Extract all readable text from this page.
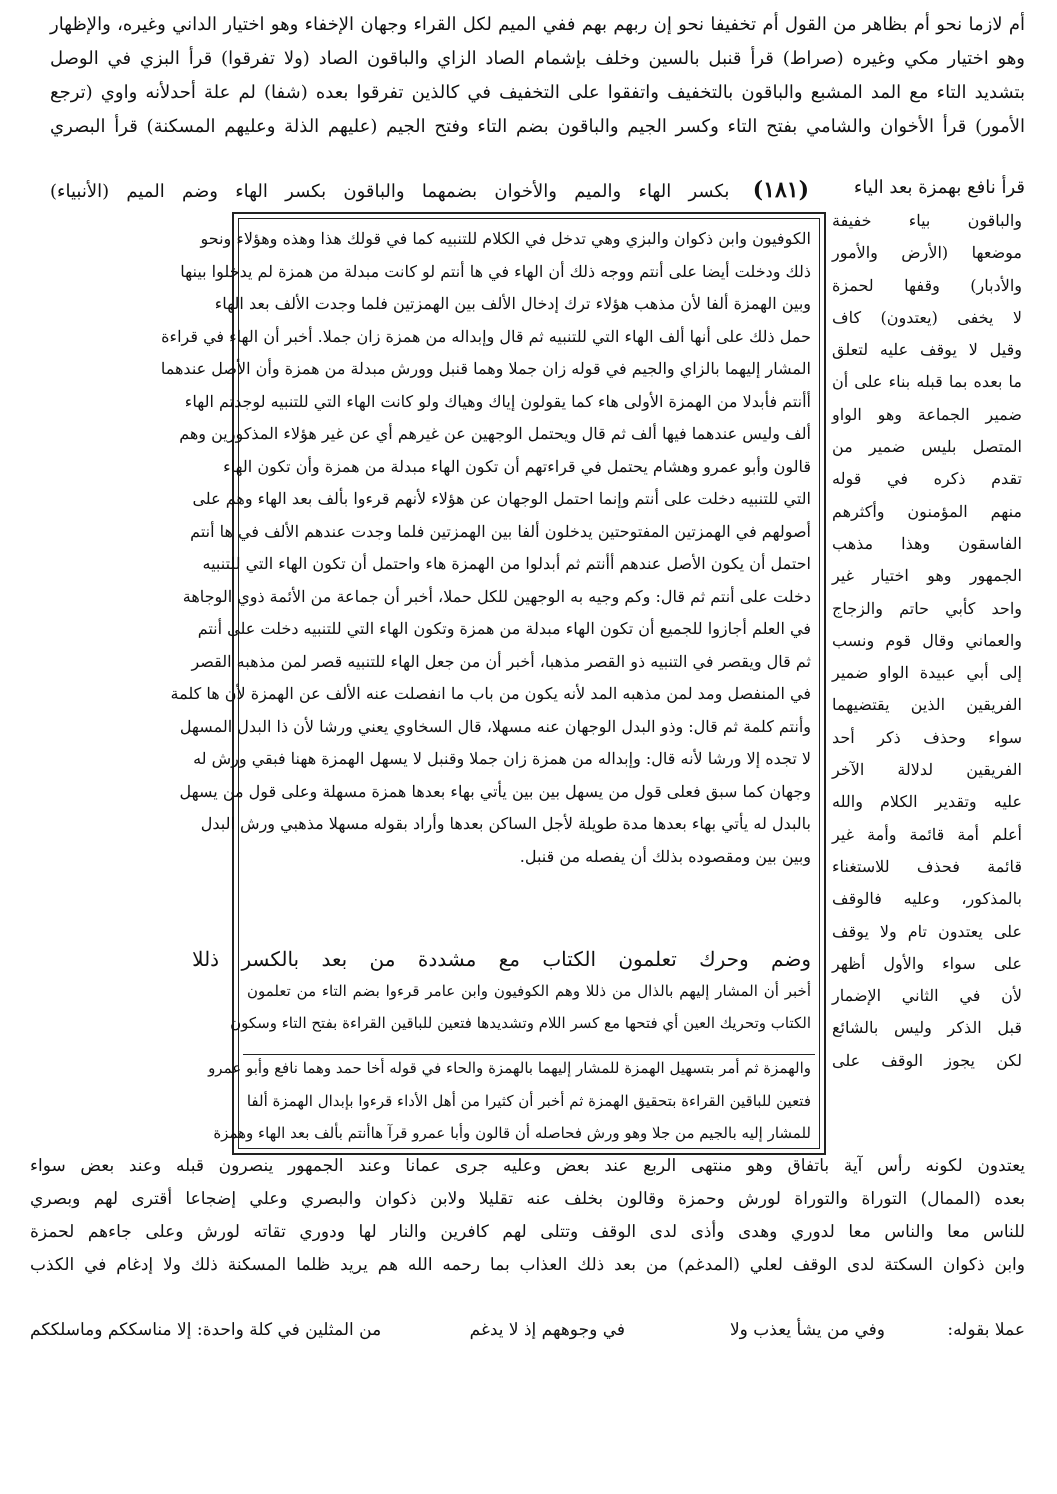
أم لازما نحو أم بظاهر من القول أم تخفيفا نحو إن ربهم بهم ففي الميم لكل القراء وجهان الإخفاء وهو اختيار الداني وغيره، والإظهار
وهو اختيار مكي وغيره (صراط) قرأ قنبل بالسين وخلف بإشمام الصاد الزاي والباقون الصاد (ولا تفرقوا) قرأ البزي في الوصل
بتشديد التاء مع المد المشبع والباقون بالتخفيف واتفقوا على التخفيف في كالذين تفرقوا بعده (شفا) لم علة أحدلأنه واوي (ترجع
الأمور) قرأ الأخوان والشامي بفتح التاء وكسر الجيم والباقون بضم التاء وفتح الجيم (عليهم الذلة وعليهم المسكنة) قرأ البصري
قرأ نافع بهمزة بعد الياء
(١٨١) بكسر الهاء والميم والأخوان بضمهما والباقون بكسر الهاء وضم الميم (الأنبياء)
والباقون بياء خفيفة
موضعها (الأرض والأمور
والأدبار) وقفها لحمزة
لا يخفى (يعتدون) كاف
وقيل لا يوقف عليه لتعلق
ما بعده بما قبله بناء على أن
ضمير الجماعة وهو الواو
المتصل بليس ضمير من
تقدم ذكره في قوله
منهم المؤمنون وأكثرهم
الفاسقون وهذا مذهب
الجمهور وهو اختيار غير
واحد كأبي حاتم والزجاج
والعماني وقال قوم ونسب
إلى أبي عبيدة الواو ضمير
الفريقين الذين يقتضيهما
سواء وحذف ذكر أحد
الفريقين لدلالة الآخر
عليه وتقدير الكلام والله
أعلم أمة قائمة وأمة غير
قائمة فحذف للاستغناء
بالمذكور، وعليه فالوقف
على يعتدون تام ولا يوقف
على سواء والأول أظهر
لأن في الثاني الإضمار
قبل الذكر وليس بالشائع
لكن يجوز الوقف على
الكوفيون وابن ذكوان والبزي وهي تدخل في الكلام للتنبيه كما في قولك هذا وهذه وهؤلاء ونحو
ذلك ودخلت أيضا على أنتم ووجه ذلك أن الهاء في ها أنتم لو كانت مبدلة من همزة لم يدخلوا بينها
وبين الهمزة ألفا لأن مذهب هؤلاء ترك إدخال الألف بين الهمزتين فلما وجدت الألف بعد الهاء
حمل ذلك على أنها ألف الهاء التي للتنبيه ثم قال وإبداله من همزة زان جملا. أخبر أن الهاء في قراءة
المشار إليهما بالزاي والجيم في قوله زان جملا وهما قنبل وورش مبدلة من همزة وأن الأصل عندهما
أأنتم فأبدلا من الهمزة الأولى هاء كما يقولون إياك وهياك ولو كانت الهاء التي للتنبيه لوجدتم الهاء
ألف وليس عندهما فيها ألف ثم قال ويحتمل الوجهين عن غيرهم أي عن غير هؤلاء المذكورين وهم
قالون وأبو عمرو وهشام يحتمل في قراءتهم أن تكون الهاء مبدلة من همزة وأن تكون الهاء
التي للتنبيه دخلت على أنتم وإنما احتمل الوجهان عن هؤلاء لأنهم قرءوا بألف بعد الهاء وهم على
أصولهم في الهمزتين المفتوحتين يدخلون ألفا بين الهمزتين فلما وجدت عندهم الألف في ها أنتم
احتمل أن يكون الأصل عندهم أأنتم ثم أبدلوا من الهمزة هاء واحتمل أن تكون الهاء التي للتنبيه
دخلت على أنتم ثم قال: وكم وجيه به الوجهين للكل حملا، أخبر أن جماعة من الأئمة ذوي الوجاهة
في العلم أجازوا للجميع أن تكون الهاء مبدلة من همزة وتكون الهاء التي للتنبيه دخلت على أنتم
ثم قال ويقصر في التنبيه ذو القصر مذهبا، أخبر أن من جعل الهاء للتنبيه قصر لمن مذهبه القصر
في المنفصل ومد لمن مذهبه المد لأنه يكون من باب ما انفصلت عنه الألف عن الهمزة لأن ها كلمة
وأنتم كلمة ثم قال: وذو البدل الوجهان عنه مسهلا، قال السخاوي يعني ورشا لأن ذا البدل المسهل
لا تجده إلا ورشا لأنه قال: وإبداله من همزة زان جملا وقنبل لا يسهل الهمزة ههنا فبقي ورش له
وجهان كما سبق فعلى قول من يسهل بين بين يأتي بهاء بعدها همزة مسهلة وعلى قول من يسهل
بالبدل له يأتي بهاء بعدها مدة طويلة لأجل الساكن بعدها وأراد بقوله مسهلا مذهبي ورش البدل
وبين بين ومقصوده بذلك أن يفصله من قنبل.
وضم وحرك تعلمون الكتاب مع مشددة من بعد بالكسر ذللا
أخبر أن المشار إليهم بالذال من ذللا وهم الكوفيون وابن عامر قرءوا بضم التاء من تعلمون
الكتاب وتحريك العين أي فتحها مع كسر اللام وتشديدها فتعين للباقين القراءة بفتح التاء وسكون
والهمزة ثم أمر بتسهيل الهمزة للمشار إليهما بالهمزة والحاء في قوله أخا حمد وهما نافع وأبو عمرو
فتعين للباقين القراءة بتحقيق الهمزة ثم أخبر أن كثيرا من أهل الأداء قرءوا بإبدال الهمزة ألفا
للمشار إليه بالجيم من جلا وهو ورش فحاصله أن قالون وأبا عمرو قرآ هاأنتم بألف بعد الهاء وهمزة
يعتدون لكونه رأس آية باتفاق وهو منتهى الربع عند بعض وعليه جرى عمانا وعند الجمهور ينصرون قبله وعند بعض سواء
بعده (الممال) التوراة والتوراة لورش وحمزة وقالون بخلف عنه تقليلا ولابن ذكوان والبصري وعلي إضجاعا أقترى لهم وبصري
للناس معا والناس معا لدوري وهدى وأذى لدى الوقف وتتلى لهم كافرين والنار لها ودوري تقاته لورش وعلى جاءهم لحمزة
وابن ذكوان السكتة لدى الوقف لعلي (المدغم) من بعد ذلك العذاب بما رحمه الله هم يريد ظلما المسكنة ذلك ولا إدغام في الكذب
عملا بقوله:
وفي من يشأ يعذب ولا
في وجوههم إذ لا يدغم
من المثلين في كلة واحدة: إلا مناسككم وماسلككم
